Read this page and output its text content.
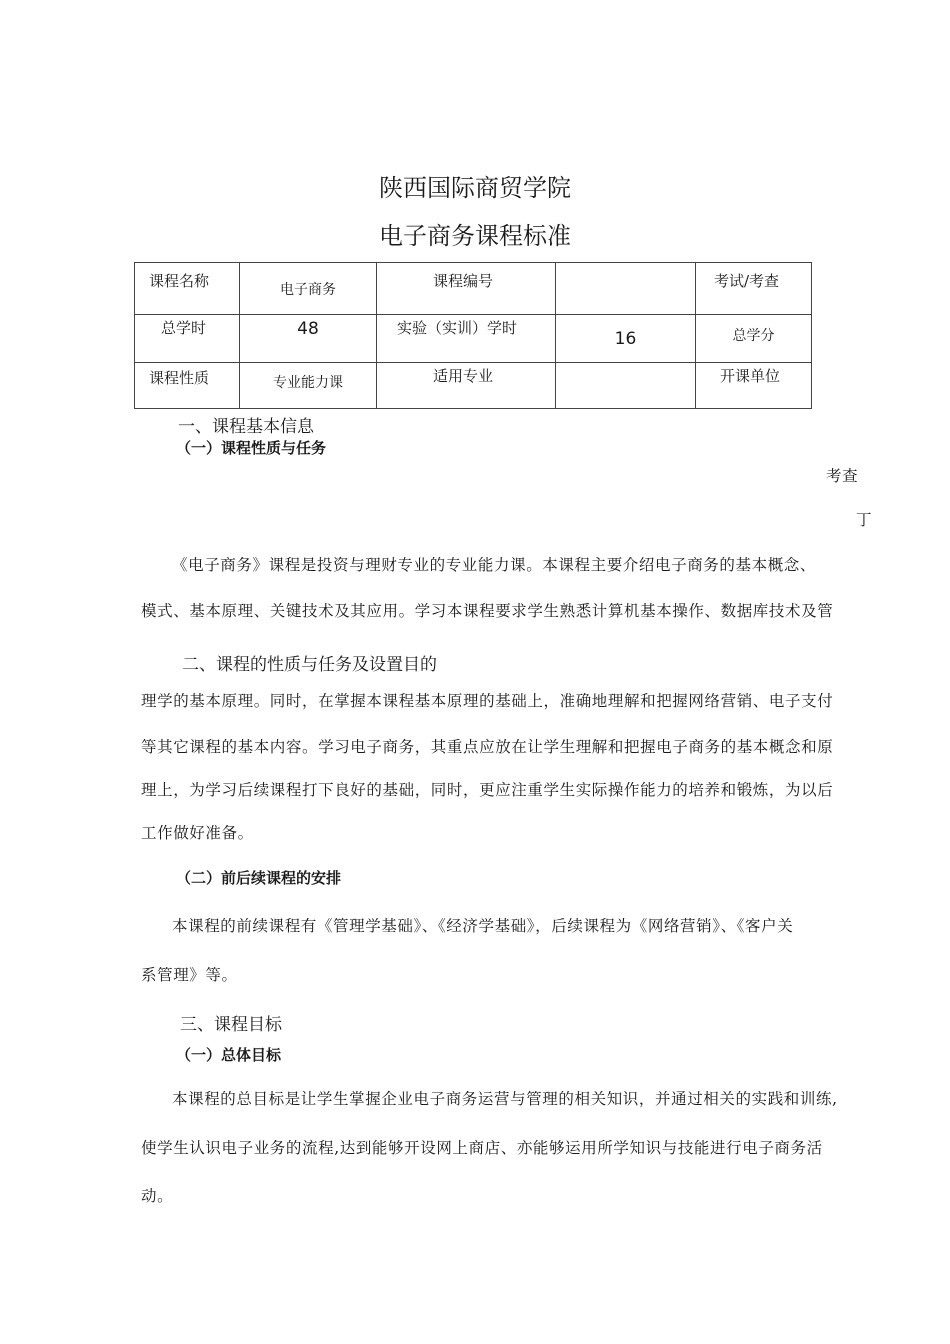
陕西国际商贸学院
电子商务课程标准
课程名称	电子商务	课程编号		考试/考查

总学时	48	实验（实训）学时	16	总学分

课程性质	专业能力课	适用专业		开课单位
一、课程基本信息
（一）课程性质与任务
考查
丁
《电子商务》课程是投资与理财专业的专业能力课。本课程主要介绍电子商务的基本概念、
模式、基本原理、关键技术及其应用。学习本课程要求学生熟悉计算机基本操作、数据库技术及管
二、课程的性质与任务及设置目的
理学的基本原理。同时，在掌握本课程基本原理的基础上，准确地理解和把握网络营销、电子支付
等其它课程的基本内容。学习电子商务，其重点应放在让学生理解和把握电子商务的基本概念和原
理上，为学习后续课程打下良好的基础，同时，更应注重学生实际操作能力的培养和锻炼，为以后
工作做好准备。
（二）前后续课程的安排
本课程的前续课程有《管理学基础》、《经济学基础》，后续课程为《网络营销》、《客户关
系管理》等。
三、课程目标
（一）总体目标
本课程的总目标是让学生掌握企业电子商务运营与管理的相关知识，并通过相关的实践和训练,
使学生认识电子业务的流程,达到能够开设网上商店、亦能够运用所学知识与技能进行电子商务活
动。
